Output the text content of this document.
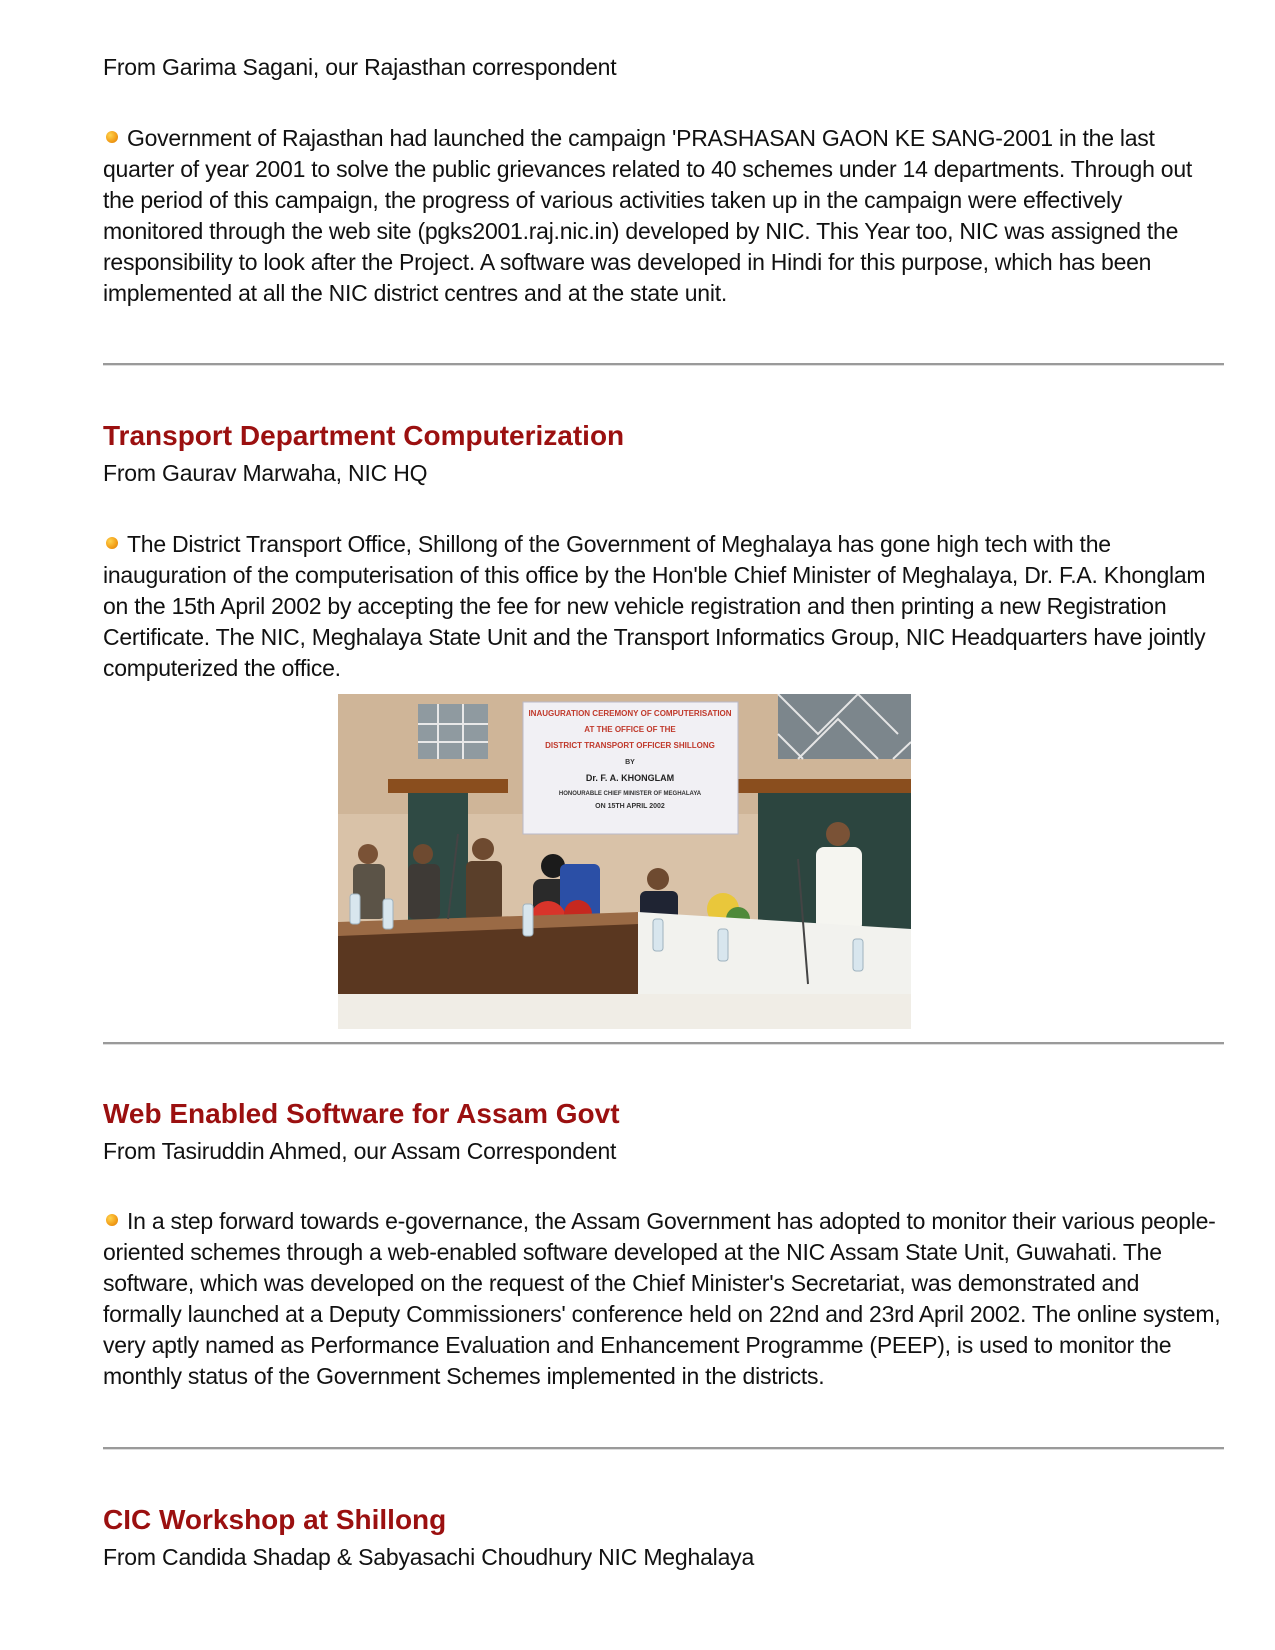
From Garima Sagani, our Rajasthan correspondent

Government of Rajasthan had launched the campaign 'PRASHASAN GAON KE SANG-2001 in the last quarter of year 2001 to solve the public grievances related to 40 schemes under 14 departments. Through out the period of this campaign, the progress of various activities taken up in the campaign were effectively monitored through the web site (pgks2001.raj.nic.in) developed by NIC. This Year too, NIC was assigned the responsibility to look after the Project. A software was developed in Hindi for this purpose, which has been implemented at all the NIC district centres and at the state unit.

Transport Department Computerization

From Gaurav Marwaha, NIC HQ

The District Transport Office, Shillong of the Government of Meghalaya has gone high tech with the inauguration of the computerisation of this office by the Hon'ble Chief Minister of Meghalaya, Dr. F.A. Khonglam on the 15th April 2002 by accepting the fee for new vehicle registration and then printing a new Registration Certificate. The NIC, Meghalaya State Unit and the Transport Informatics Group, NIC Headquarters have jointly computerized the office.

INAUGURATION CEREMONY OF COMPUTERISATION
AT THE OFFICE OF THE
DISTRICT TRANSPORT OFFICER SHILLONG
BY
Dr. F. A. KHONGLAM
HONOURABLE CHIEF MINISTER OF MEGHALAYA
ON 15TH APRIL 2002
Web Enabled Software for Assam Govt

From Tasiruddin Ahmed, our Assam Correspondent

In a step forward towards e-governance, the Assam Government has adopted to monitor their various people-oriented schemes through a web-enabled software developed at the NIC Assam State Unit, Guwahati. The software, which was developed on the request of the Chief Minister's Secretariat, was demonstrated and formally launched at a Deputy Commissioners' conference held on 22nd and 23rd April 2002. The online system, very aptly named as Performance Evaluation and Enhancement Programme (PEEP), is used to monitor the monthly status of the Government Schemes implemented in the districts.

CIC Workshop at Shillong

From Candida Shadap & Sabyasachi Choudhury NIC Meghalaya
